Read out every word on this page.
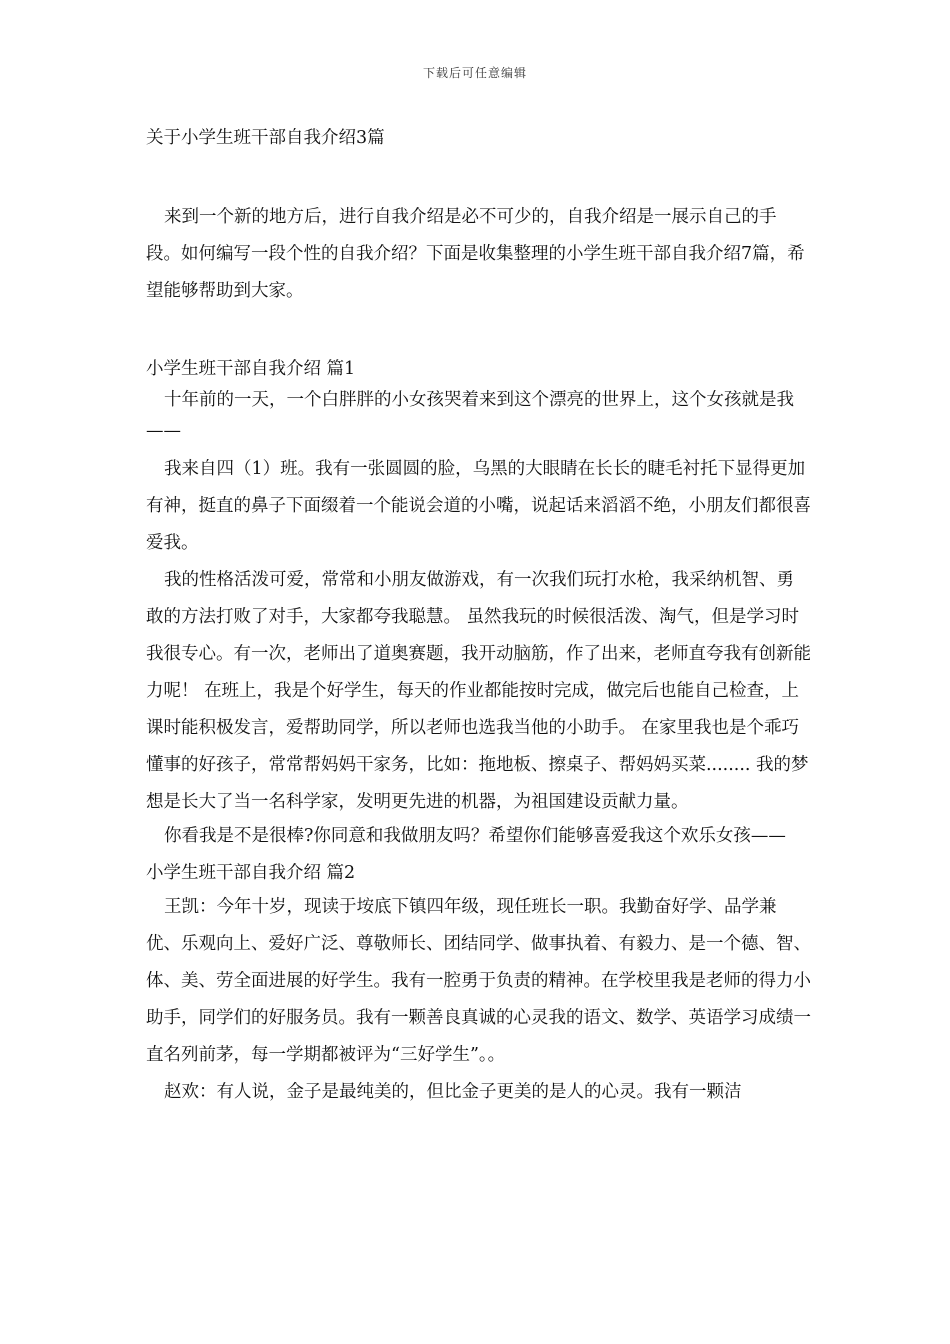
下载后可任意编辑
关于小学生班干部自我介绍3篇

来到一个新的地方后，进行自我介绍是必不可少的，自我介绍是一展示自己的手段。如何编写一段个性的自我介绍？下面是收集整理的小学生班干部自我介绍7篇，希望能够帮助到大家。

小学生班干部自我介绍 篇1

十年前的一天，一个白胖胖的小女孩哭着来到这个漂亮的世界上，这个女孩就是我——

我来自四（1）班。我有一张圆圆的脸，乌黑的大眼睛在长长的睫毛衬托下显得更加有神，挺直的鼻子下面缀着一个能说会道的小嘴，说起话来滔滔不绝，小朋友们都很喜爱我。

我的性格活泼可爱，常常和小朋友做游戏，有一次我们玩打水枪，我采纳机智、勇敢的方法打败了对手，大家都夸我聪慧。 虽然我玩的时候很活泼、淘气，但是学习时我很专心。有一次，老师出了道奥赛题，我开动脑筋，作了出来，老师直夸我有创新能力呢！ 在班上，我是个好学生，每天的作业都能按时完成，做完后也能自己检查，上课时能积极发言，爱帮助同学，所以老师也选我当他的小助手。 在家里我也是个乖巧懂事的好孩子，常常帮妈妈干家务，比如：拖地板、擦桌子、帮妈妈买菜........ 我的梦想是长大了当一名科学家，发明更先进的机器，为祖国建设贡献力量。

你看我是不是很棒?你同意和我做朋友吗？希望你们能够喜爱我这个欢乐女孩——

小学生班干部自我介绍 篇2

王凯：今年十岁，现读于垵底下镇四年级，现任班长一职。我勤奋好学、品学兼优、乐观向上、爱好广泛、尊敬师长、团结同学、做事执着、有毅力、是一个德、智、体、美、劳全面进展的好学生。我有一腔勇于负责的精神。在学校里我是老师的得力小助手，同学们的好服务员。我有一颗善良真诚的心灵我的语文、数学、英语学习成绩一直名列前茅，每一学期都被评为“三好学生”。。

赵欢：有人说，金子是最纯美的，但比金子更美的是人的心灵。我有一颗洁
